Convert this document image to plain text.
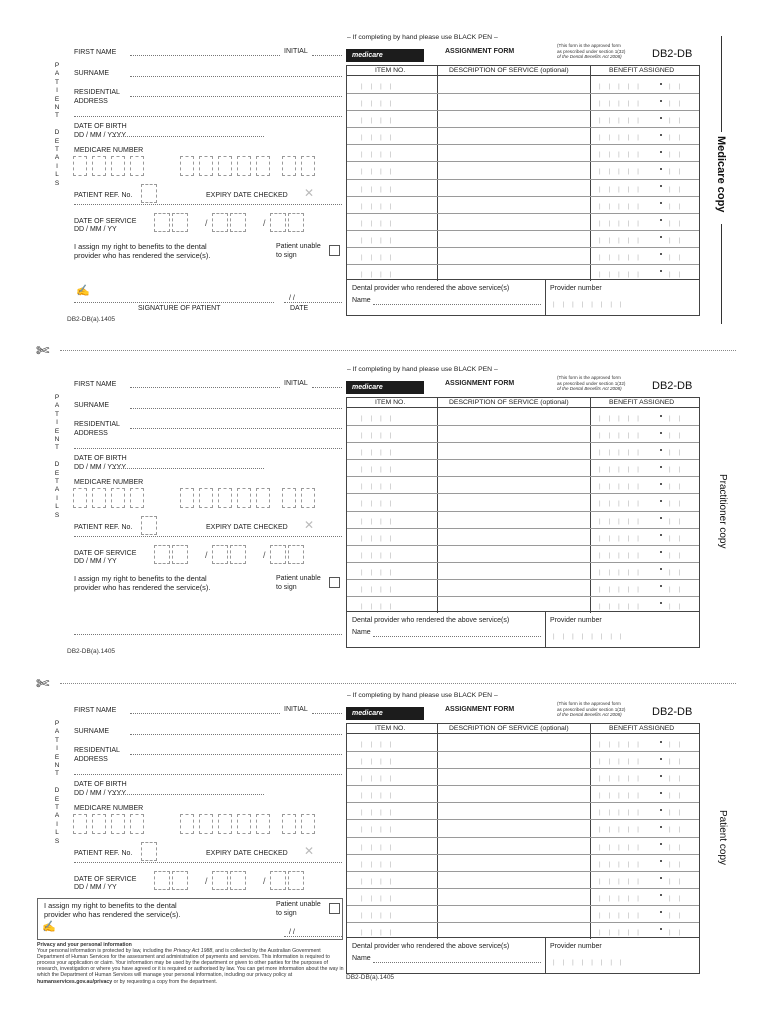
P
A
T
I
E
N
T

D
E
T
A
I
L
S
FIRST NAME	INITIAL
SURNAME
RESIDENTIAL
ADDRESS
DATE OF BIRTH
DD / MM / YYYY
MEDICARE NUMBER
PATIENT REF. No.	EXPIRY DATE CHECKED ✕
DATE OF SERVICE
DD / MM / YY
/	/
I assign my right to benefits to the dental
provider who has rendered the service(s).
Patient unable
to sign
✍
SIGNATURE OF PATIENT
/ /
DATE
DB2-DB(a).1405
– If completing by hand please use BLACK PEN –
medicare
ASSIGNMENT FORM
(This form is the approved form
as prescribed under section 1(32)
of the Dental Benefits Act 2008)	DB2-DB
ITEM NO.	DESCRIPTION OF SERVICE (optional)	BENEFIT ASSIGNED
||||	|||||	||
||||	|||||	||
||||	|||||	||
||||	|||||	||
||||	|||||	||
||||	|||||	||
||||	|||||	||
||||	|||||	||
||||	|||||	||
||||	|||||	||
||||	|||||	||
||||	|||||	||
Dental provider who rendered the above service(s)	Provider number
Name
||||||||
Medicare copy
P
A
T
I
E
N
T

D
E
T
A
I
L
S
FIRST NAME	INITIAL
SURNAME
RESIDENTIAL
ADDRESS
DATE OF BIRTH
DD / MM / YYYY
MEDICARE NUMBER
PATIENT REF. No.	EXPIRY DATE CHECKED ✕
DATE OF SERVICE
DD / MM / YY
/	/
I assign my right to benefits to the dental
provider who has rendered the service(s).
Patient unable
to sign
DB2-DB(a).1405
– If completing by hand please use BLACK PEN –
medicare
ASSIGNMENT FORM
(This form is the approved form
as prescribed under section 1(32)
of the Dental Benefits Act 2008)	DB2-DB
ITEM NO.	DESCRIPTION OF SERVICE (optional)	BENEFIT ASSIGNED
||||	|||||	||
||||	|||||	||
||||	|||||	||
||||	|||||	||
||||	|||||	||
||||	|||||	||
||||	|||||	||
||||	|||||	||
||||	|||||	||
||||	|||||	||
||||	|||||	||
||||	|||||	||
Dental provider who rendered the above service(s)	Provider number
Name
||||||||
Practitioner copy
P
A
T
I
E
N
T

D
E
T
A
I
L
S
FIRST NAME	INITIAL
SURNAME
RESIDENTIAL
ADDRESS
DATE OF BIRTH
DD / MM / YYYY
MEDICARE NUMBER
PATIENT REF. No.	EXPIRY DATE CHECKED ✕
DATE OF SERVICE
DD / MM / YY
/	/
I assign my right to benefits to the dental
provider who has rendered the service(s).
Patient unable
to sign
✍	/ /
DB2-DB(a).1405
– If completing by hand please use BLACK PEN –
medicare
ASSIGNMENT FORM
(This form is the approved form
as prescribed under section 1(32)
of the Dental Benefits Act 2008)	DB2-DB
ITEM NO.	DESCRIPTION OF SERVICE (optional)	BENEFIT ASSIGNED
||||	|||||	||
||||	|||||	||
||||	|||||	||
||||	|||||	||
||||	|||||	||
||||	|||||	||
||||	|||||	||
||||	|||||	||
||||	|||||	||
||||	|||||	||
||||	|||||	||
||||	|||||	||
Dental provider who rendered the above service(s)	Provider number
Name
||||||||
Patient copy
✄
✄
Privacy and your personal information
Your personal information is protected by law, including the Privacy Act 1988, and is collected by the Australian Government Department of Human Services for the assessment and administration of payments and services. This information is required to process your application or claim. Your information may be used by the department or given to other parties for the purposes of research, investigation or where you have agreed or it is required or authorised by law. You can get more information about the way in which the Department of Human Services will manage your personal information, including our privacy policy at humanservices.gov.au/privacy or by requesting a copy from the department.
